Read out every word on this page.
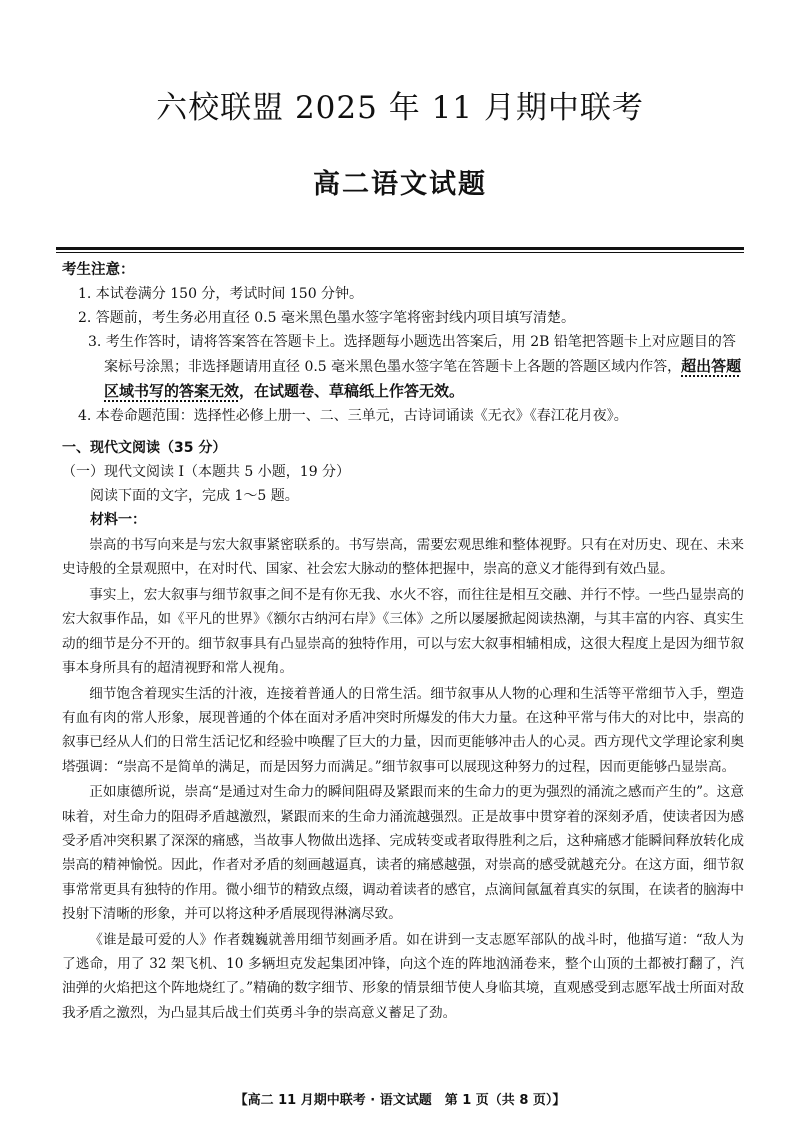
六校联盟 2025 年 11 月期中联考
高二语文试题
考生注意：
1. 本试卷满分 150 分，考试时间 150 分钟。
2. 答题前，考生务必用直径 0.5 毫米黑色墨水签字笔将密封线内项目填写清楚。
3. 考生作答时，请将答案答在答题卡上。选择题每小题选出答案后，用 2B 铅笔把答题卡上对应题目的答案标号涂黑；非选择题请用直径 0.5 毫米黑色墨水签字笔在答题卡上各题的答题区域内作答，超出答题区域书写的答案无效，在试题卷、草稿纸上作答无效。
4. 本卷命题范围：选择性必修上册一、二、三单元，古诗词诵读《无衣》《春江花月夜》。
一、现代文阅读（35 分）
（一）现代文阅读 Ⅰ（本题共 5 小题，19 分）
阅读下面的文字，完成 1～5 题。
材料一：

崇高的书写向来是与宏大叙事紧密联系的。书写崇高，需要宏观思维和整体视野。只有在对历史、现在、未来史诗般的全景观照中，在对时代、国家、社会宏大脉动的整体把握中，崇高的意义才能得到有效凸显。

事实上，宏大叙事与细节叙事之间不是有你无我、水火不容，而往往是相互交融、并行不悖。一些凸显崇高的宏大叙事作品，如《平凡的世界》《额尔古纳河右岸》《三体》之所以屡屡掀起阅读热潮，与其丰富的内容、真实生动的细节是分不开的。细节叙事具有凸显崇高的独特作用，可以与宏大叙事相辅相成，这很大程度上是因为细节叙事本身所具有的超清视野和常人视角。

细节饱含着现实生活的汁液，连接着普通人的日常生活。细节叙事从人物的心理和生活等平常细节入手，塑造有血有肉的常人形象，展现普通的个体在面对矛盾冲突时所爆发的伟大力量。在这种平常与伟大的对比中，崇高的叙事已经从人们的日常生活记忆和经验中唤醒了巨大的力量，因而更能够冲击人的心灵。西方现代文学理论家利奥塔强调：“崇高不是简单的满足，而是因努力而满足。”细节叙事可以展现这种努力的过程，因而更能够凸显崇高。

正如康德所说，崇高“是通过对生命力的瞬间阻碍及紧跟而来的生命力的更为强烈的涌流之感而产生的”。这意味着，对生命力的阻碍矛盾越激烈，紧跟而来的生命力涌流越强烈。正是故事中贯穿着的深刻矛盾，使读者因为感受矛盾冲突积累了深深的痛感，当故事人物做出选择、完成转变或者取得胜利之后，这种痛感才能瞬间释放转化成崇高的精神愉悦。因此，作者对矛盾的刻画越逼真，读者的痛感越强，对崇高的感受就越充分。在这方面，细节叙事常常更具有独特的作用。微小细节的精致点缀，调动着读者的感官，点滴间氤氲着真实的氛围，在读者的脑海中投射下清晰的形象，并可以将这种矛盾展现得淋漓尽致。

《谁是最可爱的人》作者魏巍就善用细节刻画矛盾。如在讲到一支志愿军部队的战斗时，他描写道：“敌人为了逃命，用了 32 架飞机、10 多辆坦克发起集团冲锋，向这个连的阵地汹涌卷来，整个山顶的土都被打翻了，汽油弹的火焰把这个阵地烧红了。”精确的数字细节、形象的情景细节使人身临其境，直观感受到志愿军战士所面对敌我矛盾之激烈，为凸显其后战士们英勇斗争的崇高意义蓄足了劲。

【高二 11 月期中联考 · 语文试题　第 1 页（共 8 页）】
